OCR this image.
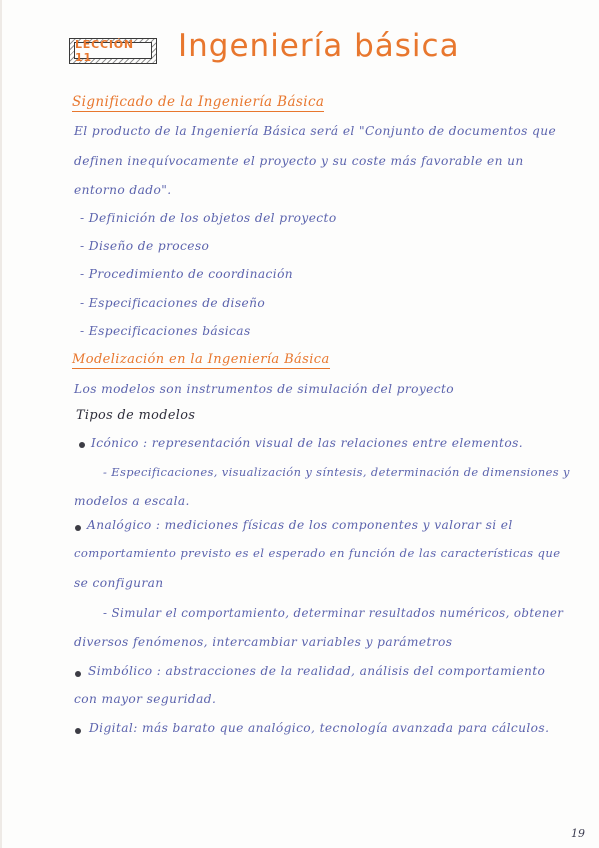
LECCIÓN 11	Ingeniería básica
Significado de la Ingeniería Básica
El producto de la Ingeniería Básica será el "Conjunto de documentos que
definen inequívocamente el proyecto y su coste más favorable en un
entorno dado".
- Definición de los objetos del proyecto
- Diseño de proceso
- Procedimiento de coordinación
- Especificaciones de diseño
- Especificaciones básicas
Modelización en la Ingeniería Básica
Los modelos son instrumentos de simulación del proyecto
Tipos de modelos
Icónico : representación visual de las relaciones entre elementos.
- Especificaciones, visualización y síntesis, determinación de dimensiones y
modelos a escala.
Analógico : mediciones físicas de los componentes y valorar si el
comportamiento previsto es el esperado en función de las características que
se configuran
- Simular el comportamiento, determinar resultados numéricos, obtener
diversos fenómenos, intercambiar variables y parámetros
Simbólico : abstracciones de la realidad, análisis del comportamiento
con mayor seguridad.
Digital: más barato que analógico, tecnología avanzada para cálculos.
19
